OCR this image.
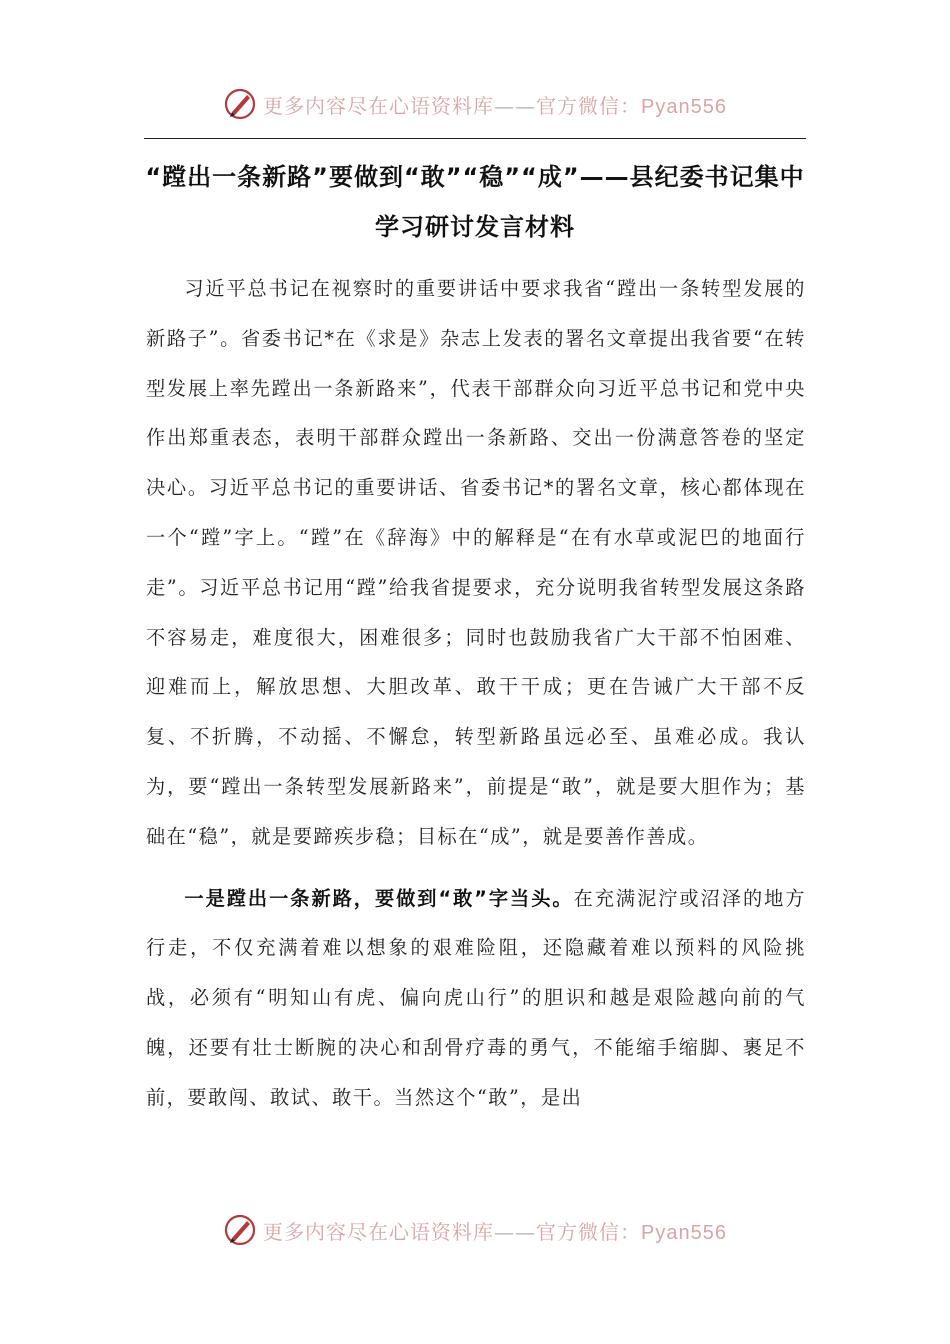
更多内容尽在心语资料库——官方微信：Pyan556
“蹚出一条新路”要做到“敢”“稳”“成”——县纪委书记集中学习研讨发言材料

习近平总书记在视察时的重要讲话中要求我省“蹚出一条转型发展的新路子”。省委书记*在《求是》杂志上发表的署名文章提出我省要“在转型发展上率先蹚出一条新路来”，代表干部群众向习近平总书记和党中央作出郑重表态，表明干部群众蹚出一条新路、交出一份满意答卷的坚定决心。习近平总书记的重要讲话、省委书记*的署名文章，核心都体现在一个“蹚”字上。“蹚”在《辞海》中的解释是“在有水草或泥巴的地面行走”。习近平总书记用“蹚”给我省提要求，充分说明我省转型发展这条路不容易走，难度很大，困难很多；同时也鼓励我省广大干部不怕困难、迎难而上，解放思想、大胆改革、敢干干成；更在告诫广大干部不反复、不折腾，不动摇、不懈怠，转型新路虽远必至、虽难必成。我认为，要“蹚出一条转型发展新路来”，前提是“敢”，就是要大胆作为；基础在“稳”，就是要蹄疾步稳；目标在“成”，就是要善作善成。

一是蹚出一条新路，要做到“敢”字当头。在充满泥泞或沼泽的地方行走，不仅充满着难以想象的艰难险阻，还隐藏着难以预料的风险挑战，必须有“明知山有虎、偏向虎山行”的胆识和越是艰险越向前的气魄，还要有壮士断腕的决心和刮骨疗毒的勇气，不能缩手缩脚、裹足不前，要敢闯、敢试、敢干。当然这个“敢”，是出

更多内容尽在心语资料库——官方微信：Pyan556
